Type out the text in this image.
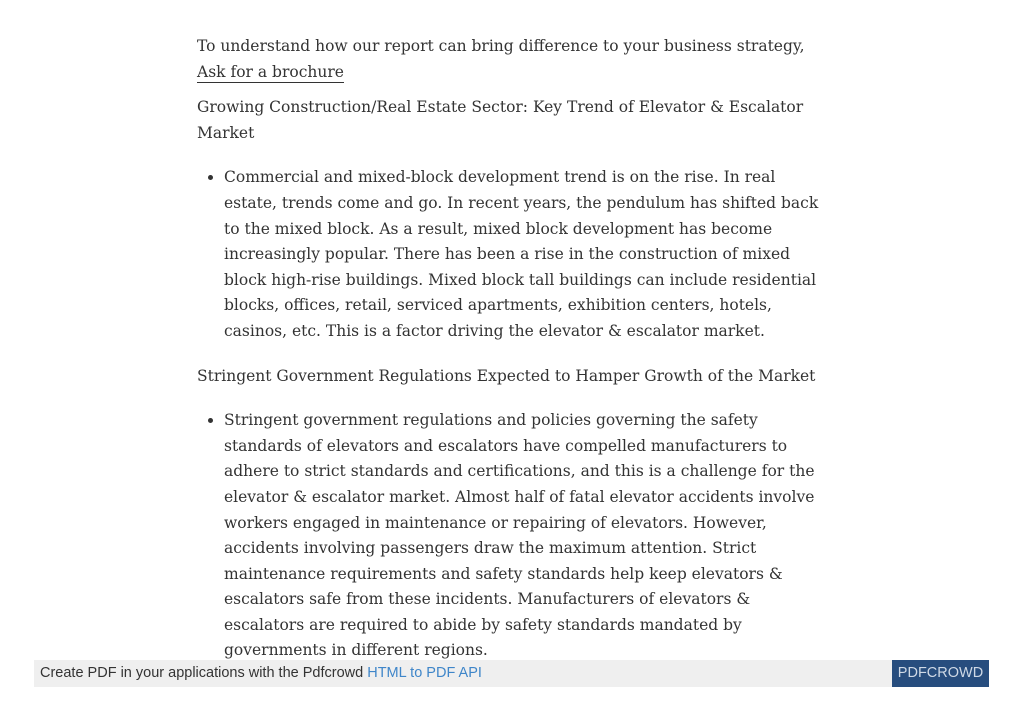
To understand how our report can bring difference to your business strategy, Ask for a brochure

Growing Construction/Real Estate Sector: Key Trend of Elevator & Escalator Market

• Commercial and mixed-block development trend is on the rise. In real estate, trends come and go. In recent years, the pendulum has shifted back to the mixed block. As a result, mixed block development has become increasingly popular. There has been a rise in the construction of mixed block high-rise buildings. Mixed block tall buildings can include residential blocks, offices, retail, serviced apartments, exhibition centers, hotels, casinos, etc. This is a factor driving the elevator & escalator market.

Stringent Government Regulations Expected to Hamper Growth of the Market

• Stringent government regulations and policies governing the safety standards of elevators and escalators have compelled manufacturers to adhere to strict standards and certifications, and this is a challenge for the elevator & escalator market. Almost half of fatal elevator accidents involve workers engaged in maintenance or repairing of elevators. However, accidents involving passengers draw the maximum attention. Strict maintenance requirements and safety standards help keep elevators & escalators safe from these incidents. Manufacturers of elevators & escalators are required to abide by safety standards mandated by governments in different regions.
Create PDF in your applications with the Pdfcrowd HTML to PDF API	PDFCROWD
